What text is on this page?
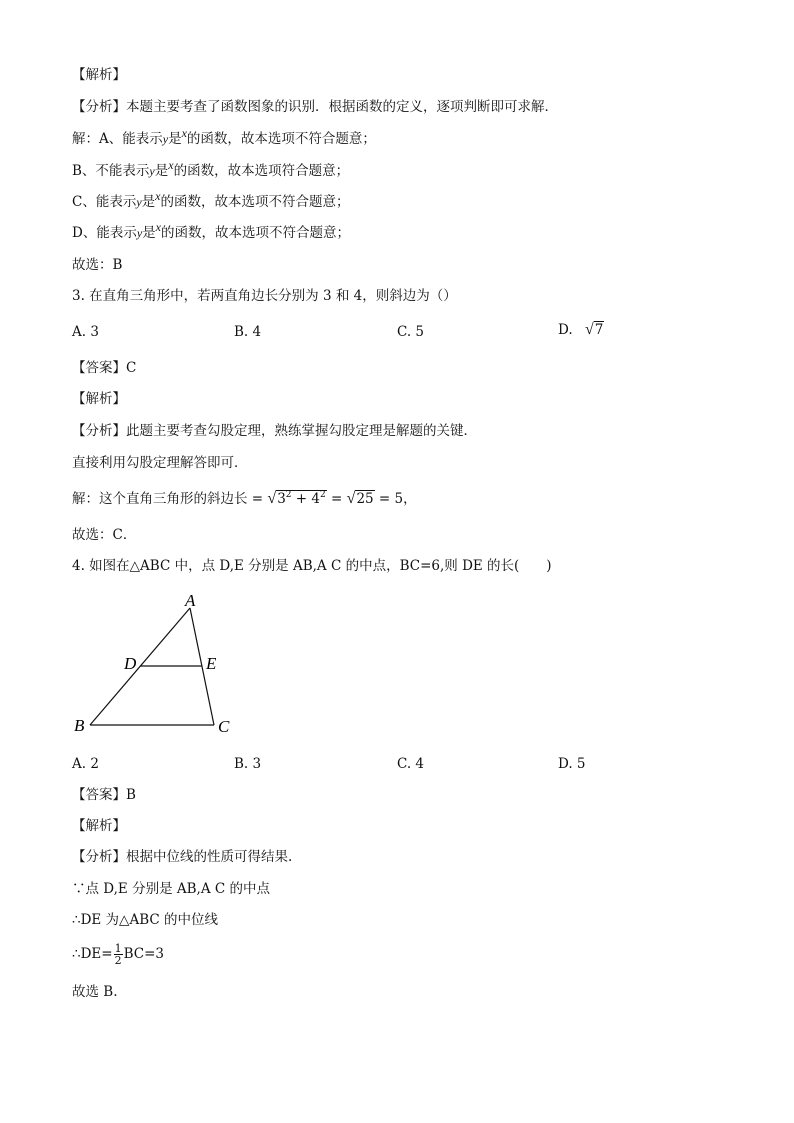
【解析】
【分析】本题主要考查了函数图象的识别．根据函数的定义，逐项判断即可求解．
解：A、能表示y是$^x$的函数，故本选项不符合题意；
B、不能表示y是$^x$的函数，故本选项符合题意；
C、能表示y是$^x$的函数，故本选项不符合题意；
D、能表示y是$^x$的函数，故本选项不符合题意；
故选：B
3. 在直角三角形中，若两直角边长分别为 3 和 4，则斜边为（）
A. 3	B. 4	C. 5	D. √7
【答案】C
【解析】
【分析】此题主要考查勾股定理，熟练掌握勾股定理是解题的关键．
直接利用勾股定理解答即可．
解：这个直角三角形的斜边长 = $√3^2 + 4^2 = √25 = 5$，
故选：C．
4. 如图在△ABC 中，点 D,E 分别是 AB,A C 的中点，BC=6,则 DE 的长(　　)
A
D	E
B	C
A. 2	B. 3	C. 4	D. 5
【答案】B
【解析】
【分析】根据中位线的性质可得结果.
∵点 D,E 分别是 AB,A C 的中点
∴DE 为△ABC 的中位线
∴DE= $\frac{1}{2} BC=3$
故选 B.
